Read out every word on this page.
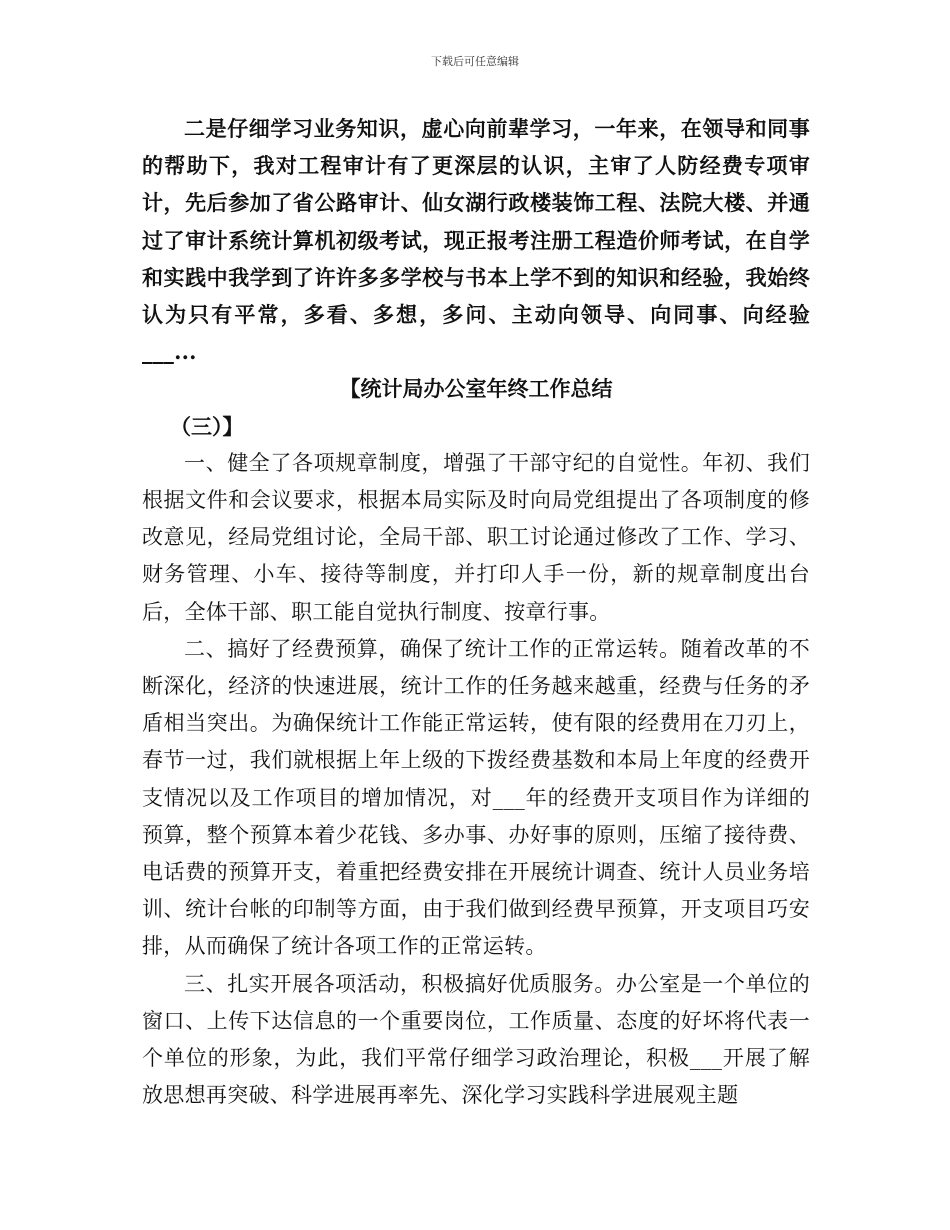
下载后可任意编辑

二是仔细学习业务知识，虚心向前辈学习，一年来，在领导和同事的帮助下，我对工程审计有了更深层的认识，主审了人防经费专项审计，先后参加了省公路审计、仙女湖行政楼装饰工程、法院大楼、并通过了审计系统计算机初级考试，现正报考注册工程造价师考试，在自学和实践中我学到了许许多多学校与书本上学不到的知识和经验，我始终认为只有平常，多看、多想，多问、主动向领导、向同事、向经验___...

【统计局办公室年终工作总结

（三）】

一、健全了各项规章制度，增强了干部守纪的自觉性。年初、我们根据文件和会议要求，根据本局实际及时向局党组提出了各项制度的修改意见，经局党组讨论，全局干部、职工讨论通过修改了工作、学习、财务管理、小车、接待等制度，并打印人手一份，新的规章制度出台后，全体干部、职工能自觉执行制度、按章行事。

二、搞好了经费预算，确保了统计工作的正常运转。随着改革的不断深化，经济的快速进展，统计工作的任务越来越重，经费与任务的矛盾相当突出。为确保统计工作能正常运转，使有限的经费用在刀刃上，春节一过，我们就根据上年上级的下拨经费基数和本局上年度的经费开支情况以及工作项目的增加情况，对___年的经费开支项目作为详细的预算，整个预算本着少花钱、多办事、办好事的原则，压缩了接待费、电话费的预算开支，着重把经费安排在开展统计调查、统计人员业务培训、统计台帐的印制等方面，由于我们做到经费早预算，开支项目巧安排，从而确保了统计各项工作的正常运转。

三、扎实开展各项活动，积极搞好优质服务。办公室是一个单位的窗口、上传下达信息的一个重要岗位，工作质量、态度的好坏将代表一个单位的形象，为此，我们平常仔细学习政治理论，积极___开展了解放思想再突破、科学进展再率先、深化学习实践科学进展观主题
